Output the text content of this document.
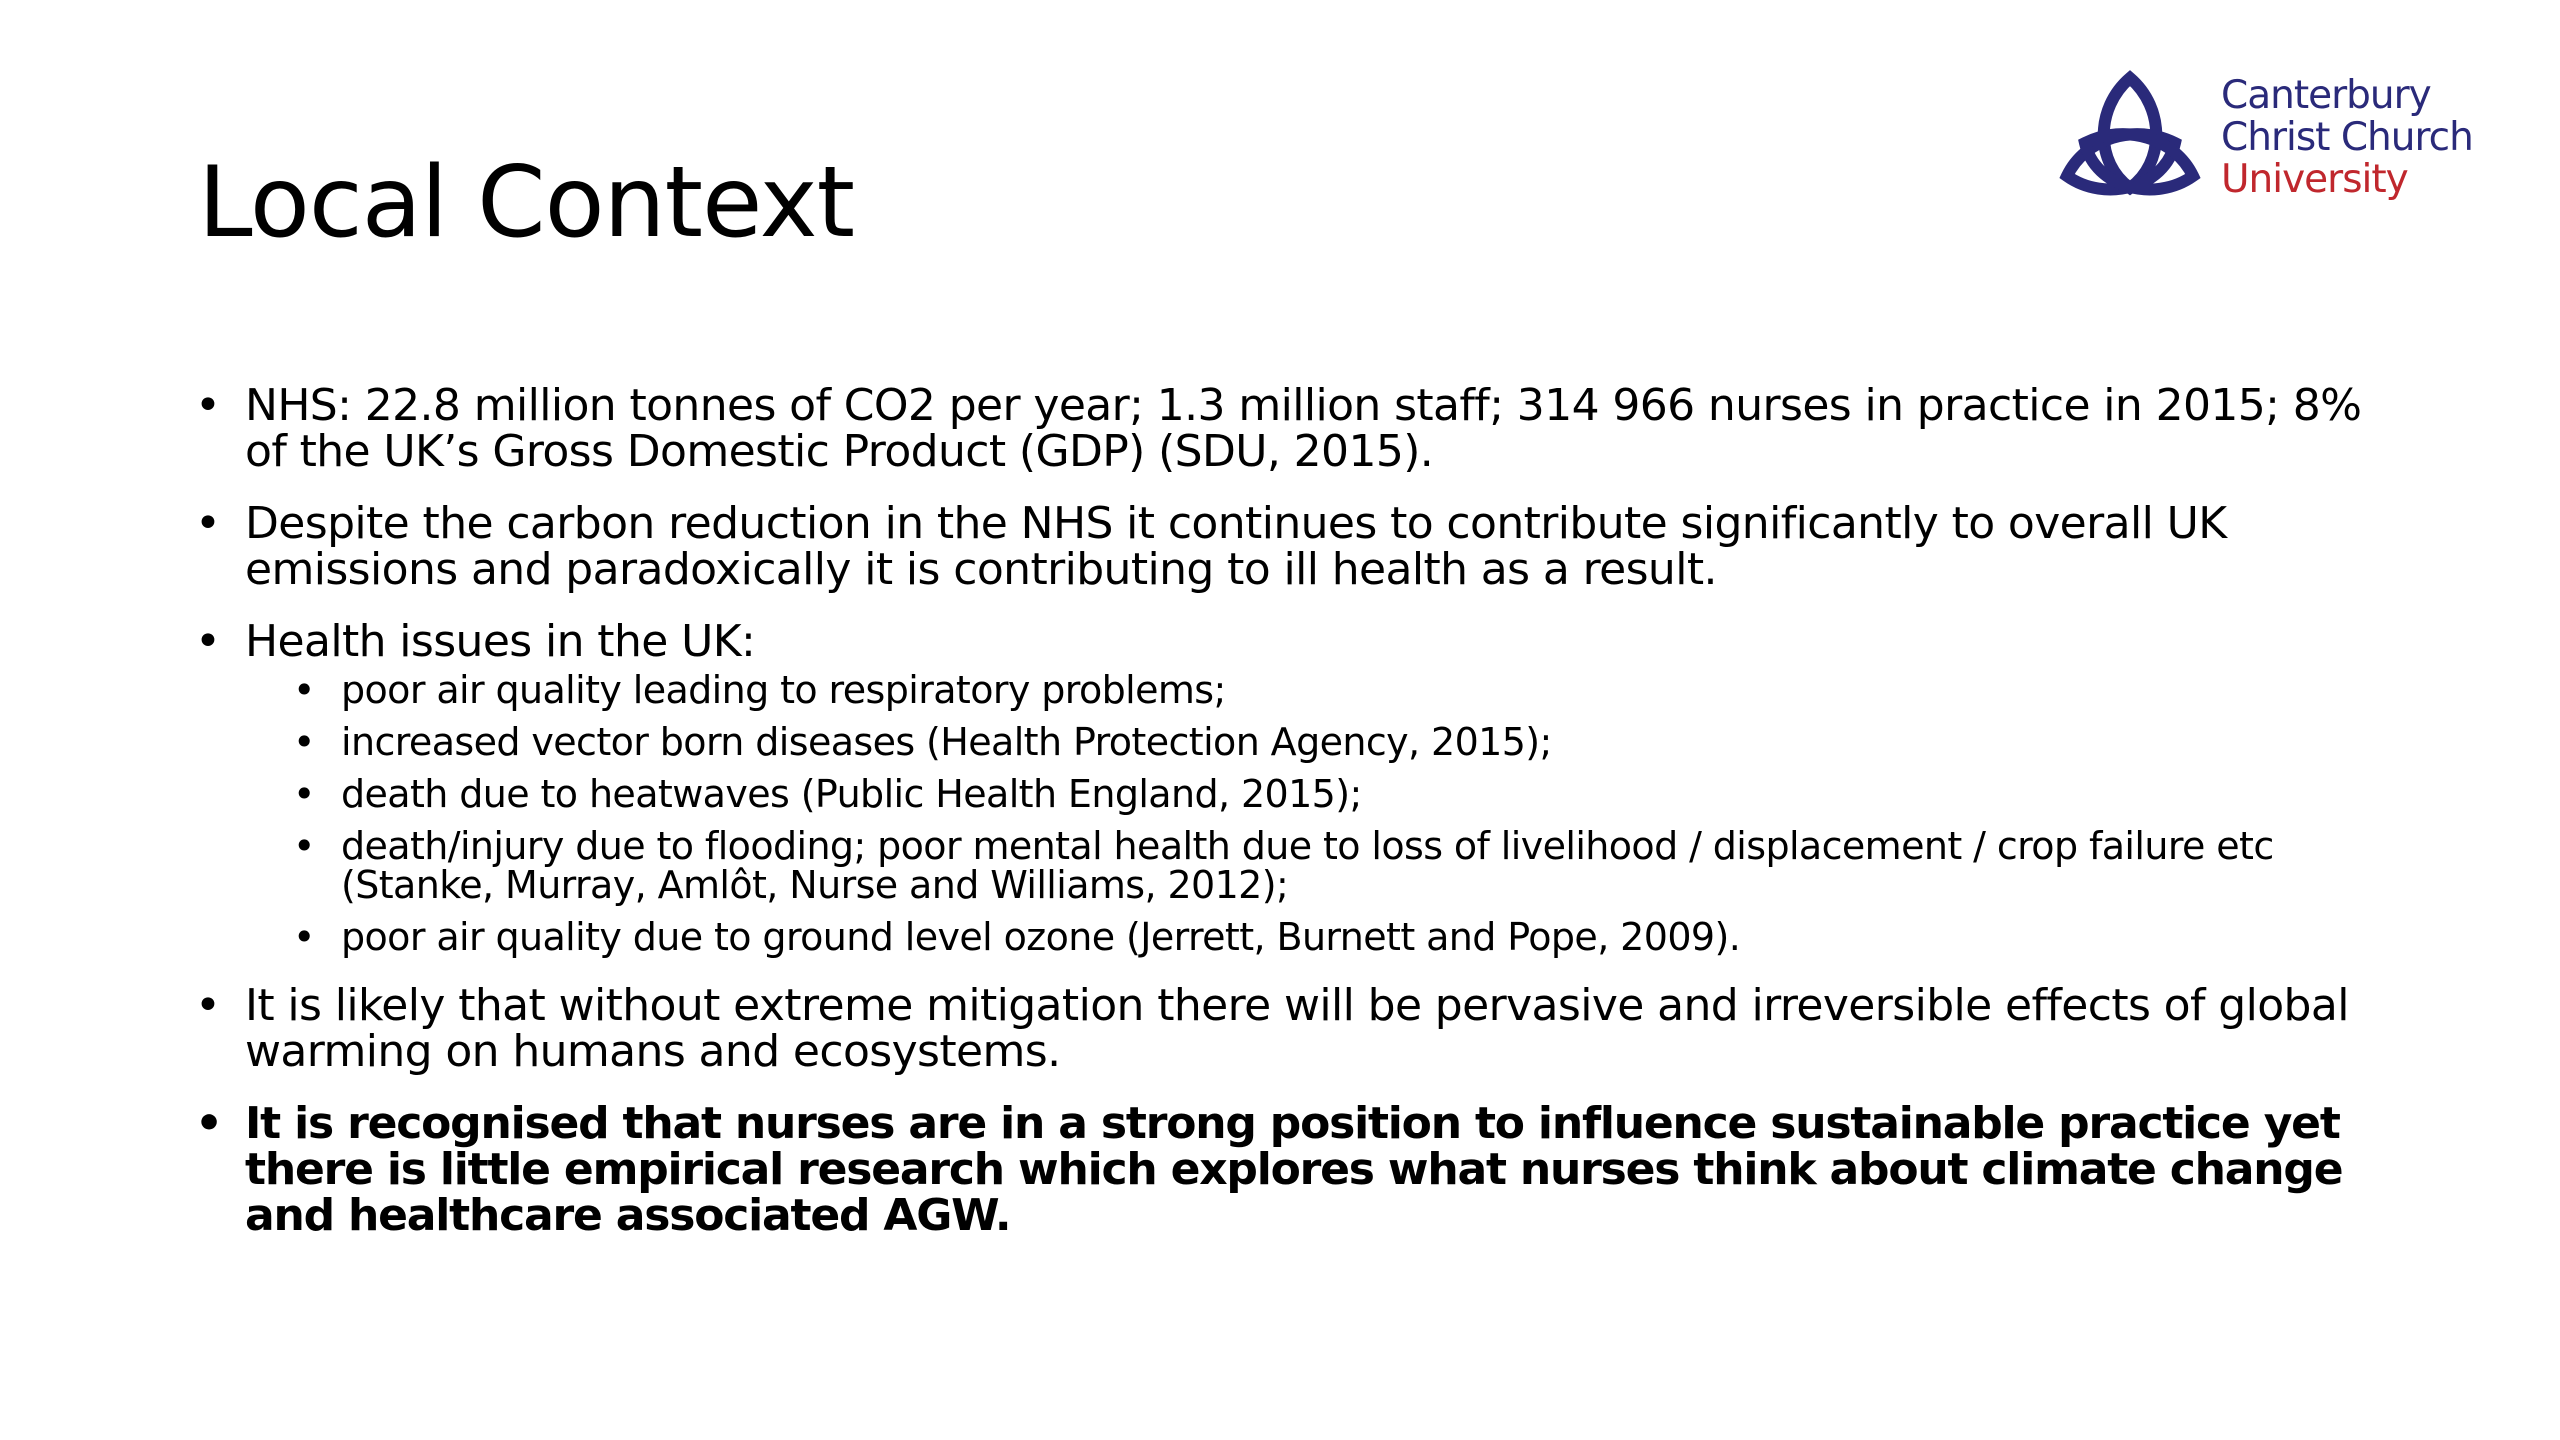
Local Context
Canterbury
Christ Church
University
• NHS: 22.8 million tonnes of CO2 per year; 1.3 million staff; 314 966 nurses in practice in 2015; 8% of the UK’s Gross Domestic Product (GDP) (SDU, 2015).
• Despite the carbon reduction in the NHS it continues to contribute significantly to overall UK emissions and paradoxically it is contributing to ill health as a result.
• Health issues in the UK:
• poor air quality leading to respiratory problems;
• increased vector born diseases (Health Protection Agency, 2015);
• death due to heatwaves (Public Health England, 2015);
• death/injury due to flooding; poor mental health due to loss of livelihood / displacement / crop failure etc (Stanke, Murray, Amlôt, Nurse and Williams, 2012);
• poor air quality due to ground level ozone (Jerrett, Burnett and Pope, 2009).
• It is likely that without extreme mitigation there will be pervasive and irreversible effects of global warming on humans and ecosystems.
• It is recognised that nurses are in a strong position to influence sustainable practice yet there is little empirical research which explores what nurses think about climate change and healthcare associated AGW.
